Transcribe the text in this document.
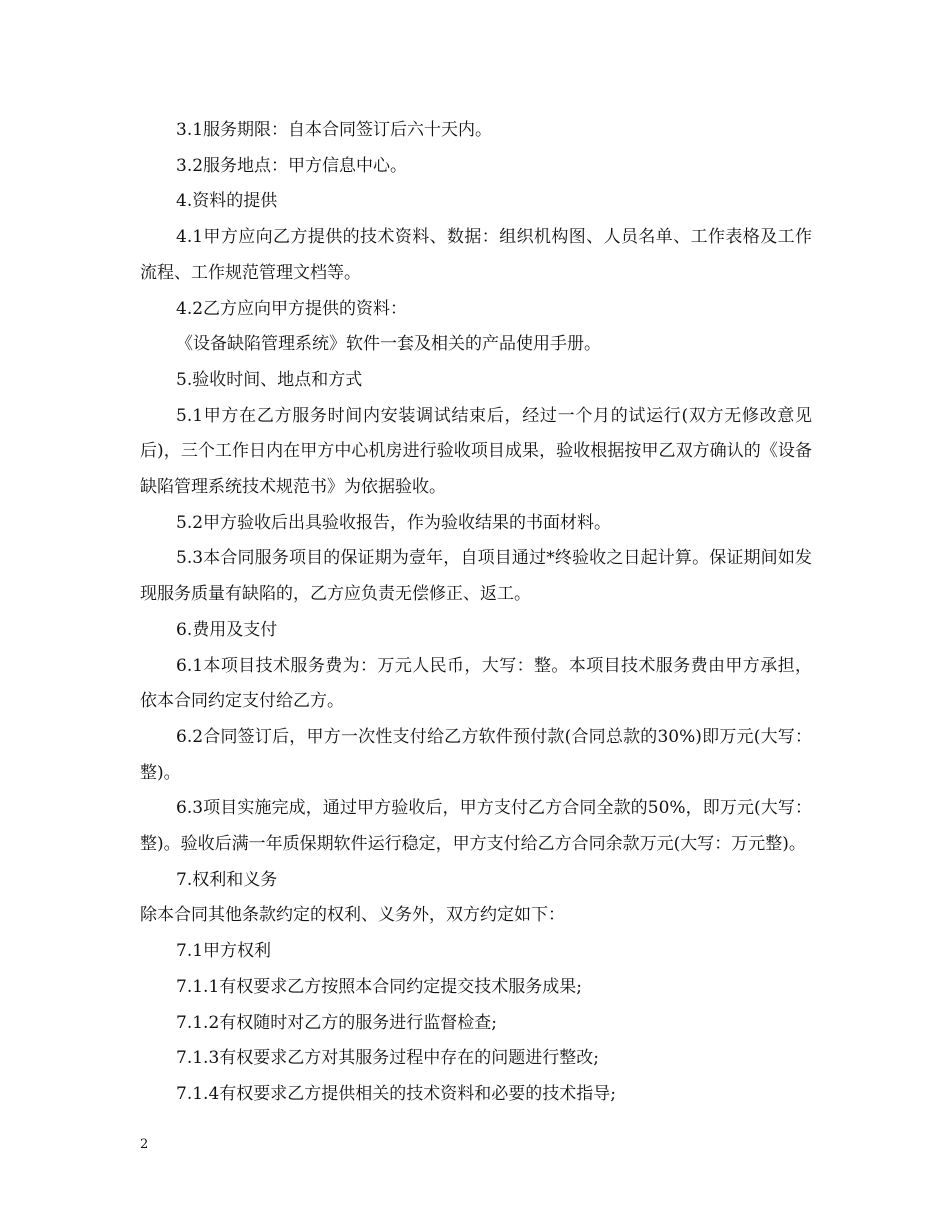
3.1服务期限：自本合同签订后六十天内。

3.2服务地点：甲方信息中心。

4.资料的提供

4.1甲方应向乙方提供的技术资料、数据：组织机构图、人员名单、工作表格及工作流程、工作规范管理文档等。

4.2乙方应向甲方提供的资料：

《设备缺陷管理系统》软件一套及相关的产品使用手册。

5.验收时间、地点和方式

5.1甲方在乙方服务时间内安装调试结束后，经过一个月的试运行(双方无修改意见后)，三个工作日内在甲方中心机房进行验收项目成果，验收根据按甲乙双方确认的《设备缺陷管理系统技术规范书》为依据验收。

5.2甲方验收后出具验收报告，作为验收结果的书面材料。

5.3本合同服务项目的保证期为壹年，自项目通过*终验收之日起计算。保证期间如发现服务质量有缺陷的，乙方应负责无偿修正、返工。

6.费用及支付

6.1本项目技术服务费为：万元人民币，大写：整。本项目技术服务费由甲方承担，依本合同约定支付给乙方。

6.2合同签订后，甲方一次性支付给乙方软件预付款(合同总款的30%)即万元(大写：整)。

6.3项目实施完成，通过甲方验收后，甲方支付乙方合同全款的50%，即万元(大写：整)。验收后满一年质保期软件运行稳定，甲方支付给乙方合同余款万元(大写：万元整)。

7.权利和义务

除本合同其他条款约定的权利、义务外，双方约定如下：

7.1甲方权利

7.1.1有权要求乙方按照本合同约定提交技术服务成果;

7.1.2有权随时对乙方的服务进行监督检查;

7.1.3有权要求乙方对其服务过程中存在的问题进行整改;

7.1.4有权要求乙方提供相关的技术资料和必要的技术指导;

2
